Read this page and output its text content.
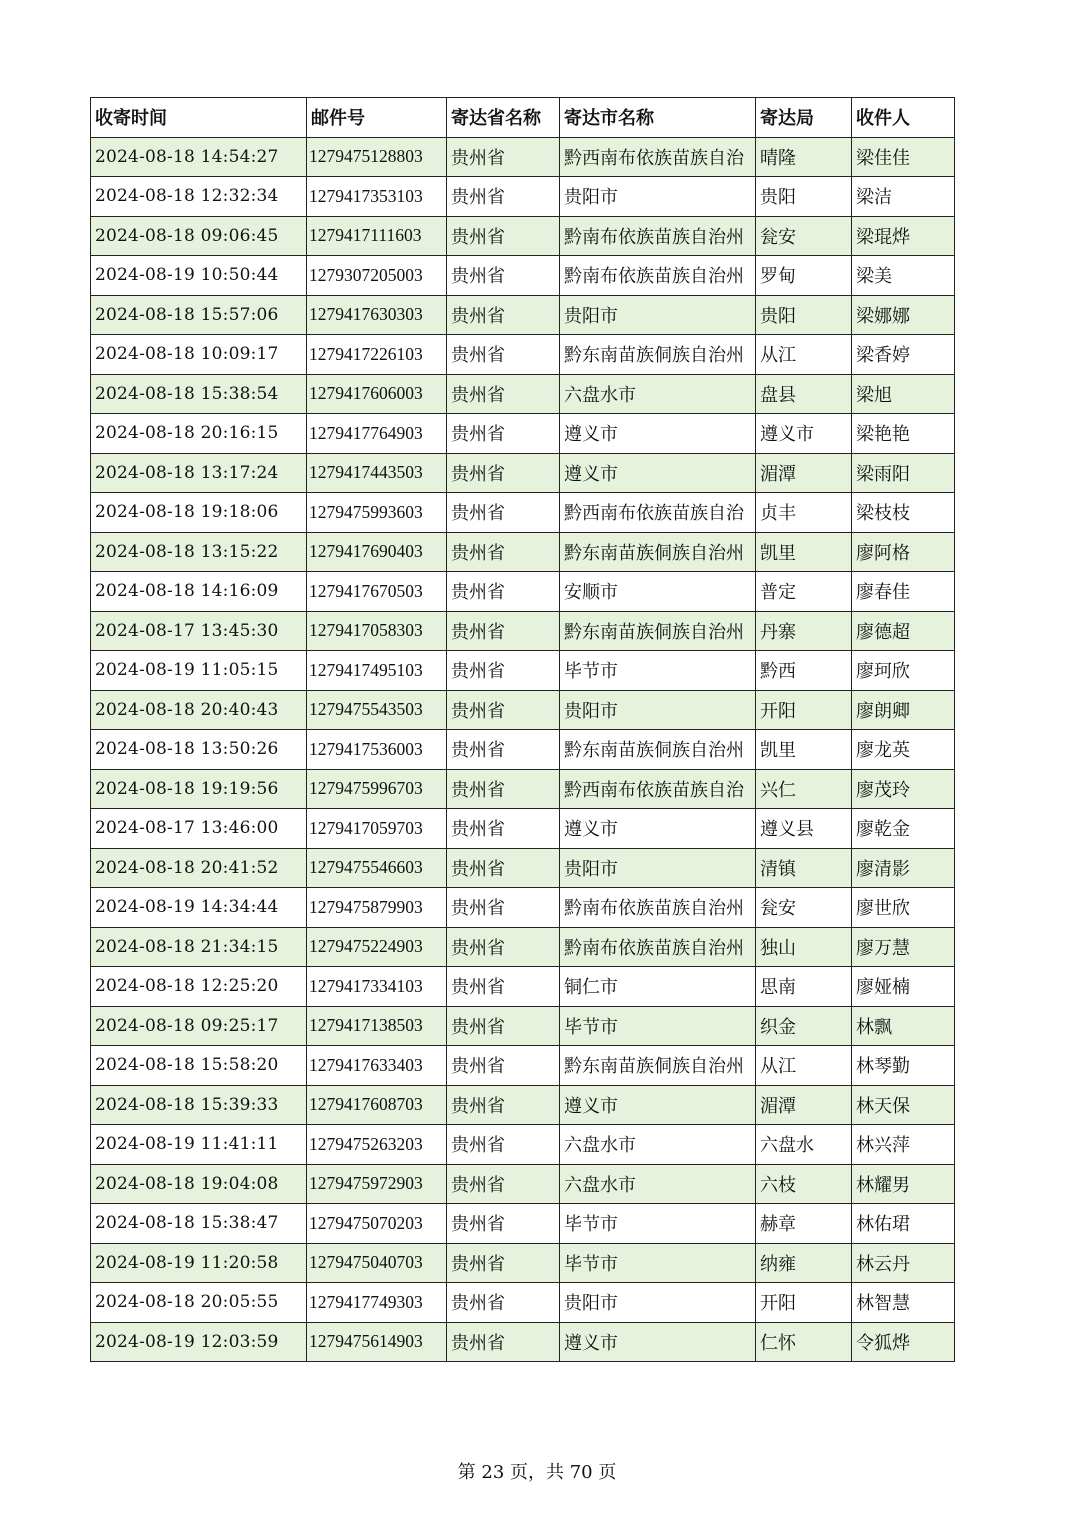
收寄时间	邮件号	寄达省名称	寄达市名称	寄达局	收件人
2024-08-18 14:54:27	1279475128803	贵州省	黔西南布依族苗族自治	晴隆	梁佳佳
2024-08-18 12:32:34	1279417353103	贵州省	贵阳市	贵阳	梁洁
2024-08-18 09:06:45	1279417111603	贵州省	黔南布依族苗族自治州	瓮安	梁琨烨
2024-08-19 10:50:44	1279307205003	贵州省	黔南布依族苗族自治州	罗甸	梁美
2024-08-18 15:57:06	1279417630303	贵州省	贵阳市	贵阳	梁娜娜
2024-08-18 10:09:17	1279417226103	贵州省	黔东南苗族侗族自治州	从江	梁香婷
2024-08-18 15:38:54	1279417606003	贵州省	六盘水市	盘县	梁旭
2024-08-18 20:16:15	1279417764903	贵州省	遵义市	遵义市	梁艳艳
2024-08-18 13:17:24	1279417443503	贵州省	遵义市	湄潭	梁雨阳
2024-08-18 19:18:06	1279475993603	贵州省	黔西南布依族苗族自治	贞丰	梁枝枝
2024-08-18 13:15:22	1279417690403	贵州省	黔东南苗族侗族自治州	凯里	廖阿格
2024-08-18 14:16:09	1279417670503	贵州省	安顺市	普定	廖春佳
2024-08-17 13:45:30	1279417058303	贵州省	黔东南苗族侗族自治州	丹寨	廖德超
2024-08-19 11:05:15	1279417495103	贵州省	毕节市	黔西	廖珂欣
2024-08-18 20:40:43	1279475543503	贵州省	贵阳市	开阳	廖朗卿
2024-08-18 13:50:26	1279417536003	贵州省	黔东南苗族侗族自治州	凯里	廖龙英
2024-08-18 19:19:56	1279475996703	贵州省	黔西南布依族苗族自治	兴仁	廖茂玲
2024-08-17 13:46:00	1279417059703	贵州省	遵义市	遵义县	廖乾金
2024-08-18 20:41:52	1279475546603	贵州省	贵阳市	清镇	廖清影
2024-08-19 14:34:44	1279475879903	贵州省	黔南布依族苗族自治州	瓮安	廖世欣
2024-08-18 21:34:15	1279475224903	贵州省	黔南布依族苗族自治州	独山	廖万慧
2024-08-18 12:25:20	1279417334103	贵州省	铜仁市	思南	廖娅楠
2024-08-18 09:25:17	1279417138503	贵州省	毕节市	织金	林飘
2024-08-18 15:58:20	1279417633403	贵州省	黔东南苗族侗族自治州	从江	林琴勤
2024-08-18 15:39:33	1279417608703	贵州省	遵义市	湄潭	林天保
2024-08-19 11:41:11	1279475263203	贵州省	六盘水市	六盘水	林兴萍
2024-08-18 19:04:08	1279475972903	贵州省	六盘水市	六枝	林耀男
2024-08-18 15:38:47	1279475070203	贵州省	毕节市	赫章	林佑珺
2024-08-19 11:20:58	1279475040703	贵州省	毕节市	纳雍	林云丹
2024-08-18 20:05:55	1279417749303	贵州省	贵阳市	开阳	林智慧
2024-08-19 12:03:59	1279475614903	贵州省	遵义市	仁怀	令狐烨
第 23 页，共 70 页
